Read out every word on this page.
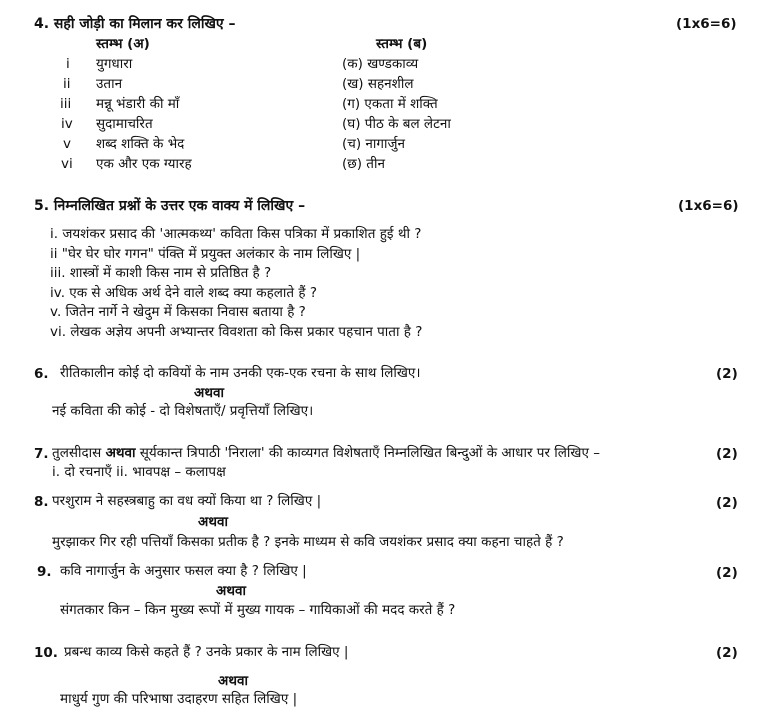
4. सही जोड़ी का मिलान कर लिखिए –	(1x6=6)
स्तम्भ (अ)	स्तम्भ (ब)
i युगधारा	(क) खण्डकाव्य
ii उतान	(ख) सहनशील
iii मन्नू भंडारी की माँ	(ग) एकता में शक्ति
iv सुदामाचरित	(घ) पीठ के बल लेटना
v शब्द शक्ति के भेद	(च) नागार्जुन
vi एक और एक ग्यारह	(छ) तीन
5. निम्नलिखित प्रश्नों के उत्तर एक वाक्य में लिखिए –	(1x6=6)
i. जयशंकर प्रसाद की 'आत्मकथ्य' कविता किस पत्रिका में प्रकाशित हुई थी ?
ii "घेर घेर घोर गगन" पंक्ति में प्रयुक्त अलंकार के नाम लिखिए |
iii. शास्त्रों में काशी किस नाम से प्रतिष्ठित है ?
iv. एक से अधिक अर्थ देने वाले शब्द क्या कहलाते हैं ?
v. जितेन नार्गे ने खेदुम में किसका निवास बताया है ?
vi. लेखक अज्ञेय अपनी अभ्यान्तर विवशता को किस प्रकार पहचान पाता है ?
6. रीतिकालीन कोई दो कवियों के नाम उनकी एक-एक रचना के साथ लिखिए।	(2)
अथवा
नई कविता की कोई - दो विशेषताएँ/ प्रवृत्तियाँ लिखिए।
7. तुलसीदास अथवा सूर्यकान्त त्रिपाठी 'निराला' की काव्यगत विशेषताएँ निम्नलिखित बिन्दुओं के आधार पर लिखिए –	(2)
i. दो रचनाएँ ii. भावपक्ष – कलापक्ष
8. परशुराम ने सहस्त्रबाहु का वध क्यों किया था ? लिखिए |	(2)
अथवा
मुरझाकर गिर रही पत्तियाँ किसका प्रतीक है ? इनके माध्यम से कवि जयशंकर प्रसाद क्या कहना चाहते हैं ?
9. कवि नागार्जुन के अनुसार फसल क्या है ? लिखिए |	(2)
अथवा
संगतकार किन – किन मुख्य रूपों में मुख्य गायक – गायिकाओं की मदद करते हैं ?
10. प्रबन्ध काव्य किसे कहते हैं ? उनके प्रकार के नाम लिखिए |	(2)
अथवा
माधुर्य गुण की परिभाषा उदाहरण सहित लिखिए |
